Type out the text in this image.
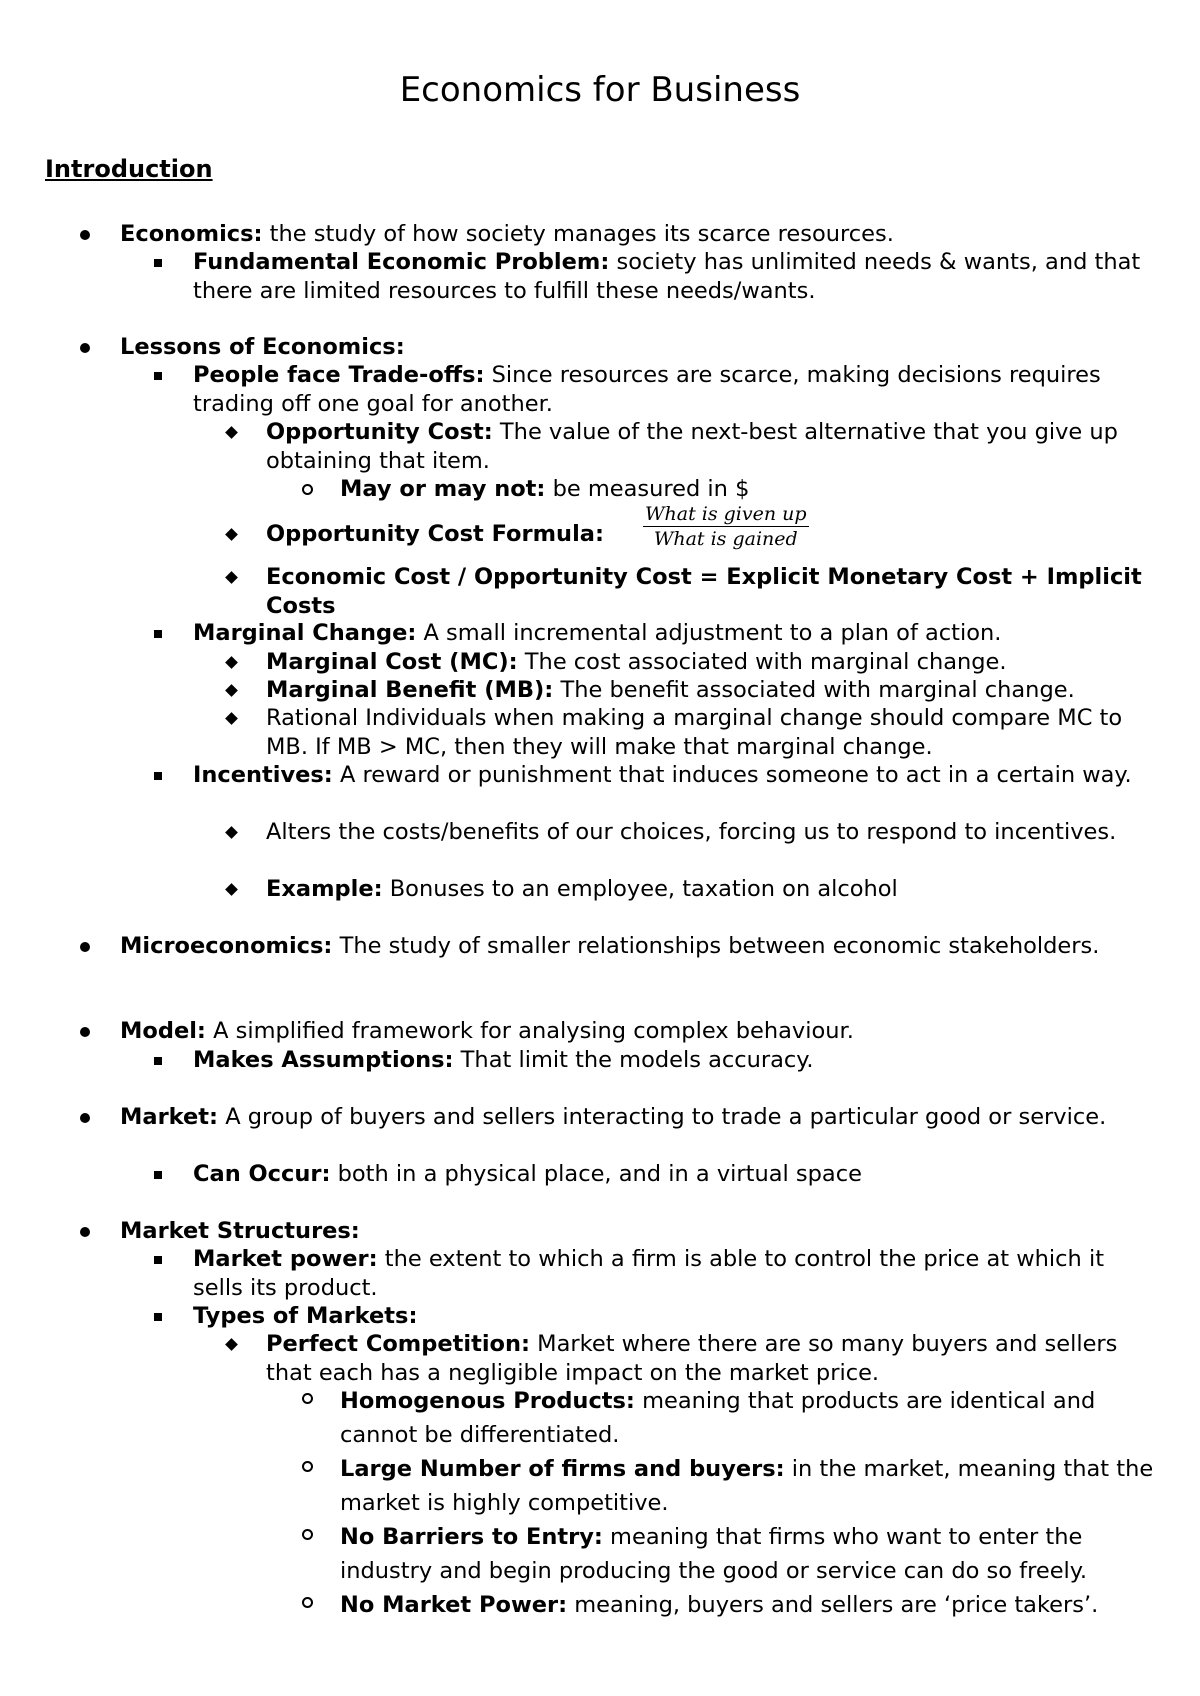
Economics for Business
Introduction
Economics: the study of how society manages its scarce resources.
Fundamental Economic Problem: society has unlimited needs & wants, and that there are limited resources to fulfill these needs/wants.
Lessons of Economics:
People face Trade-offs: Since resources are scarce, making decisions requires trading off one goal for another.
Opportunity Cost: The value of the next-best alternative that you give up obtaining that item.
May or may not: be measured in $
Opportunity Cost Formula:
What is given up
What is gained
Economic Cost / Opportunity Cost = Explicit Monetary Cost + Implicit Costs
Marginal Change: A small incremental adjustment to a plan of action.
Marginal Cost (MC): The cost associated with marginal change.
Marginal Benefit (MB): The benefit associated with marginal change.
Rational Individuals when making a marginal change should compare MC to MB. If MB > MC, then they will make that marginal change.
Incentives: A reward or punishment that induces someone to act in a certain way.
Alters the costs/benefits of our choices, forcing us to respond to incentives.
Example: Bonuses to an employee, taxation on alcohol
Microeconomics: The study of smaller relationships between economic stakeholders.
Model: A simplified framework for analysing complex behaviour.
Makes Assumptions: That limit the models accuracy.
Market: A group of buyers and sellers interacting to trade a particular good or service.
Can Occur: both in a physical place, and in a virtual space
Market Structures:
Market power: the extent to which a firm is able to control the price at which it sells its product.
Types of Markets:
Perfect Competition: Market where there are so many buyers and sellers that each has a negligible impact on the market price.
Homogenous Products: meaning that products are identical and cannot be differentiated.
Large Number of firms and buyers: in the market, meaning that the market is highly competitive.
No Barriers to Entry: meaning that firms who want to enter the industry and begin producing the good or service can do so freely.
No Market Power: meaning, buyers and sellers are ‘price takers’.
